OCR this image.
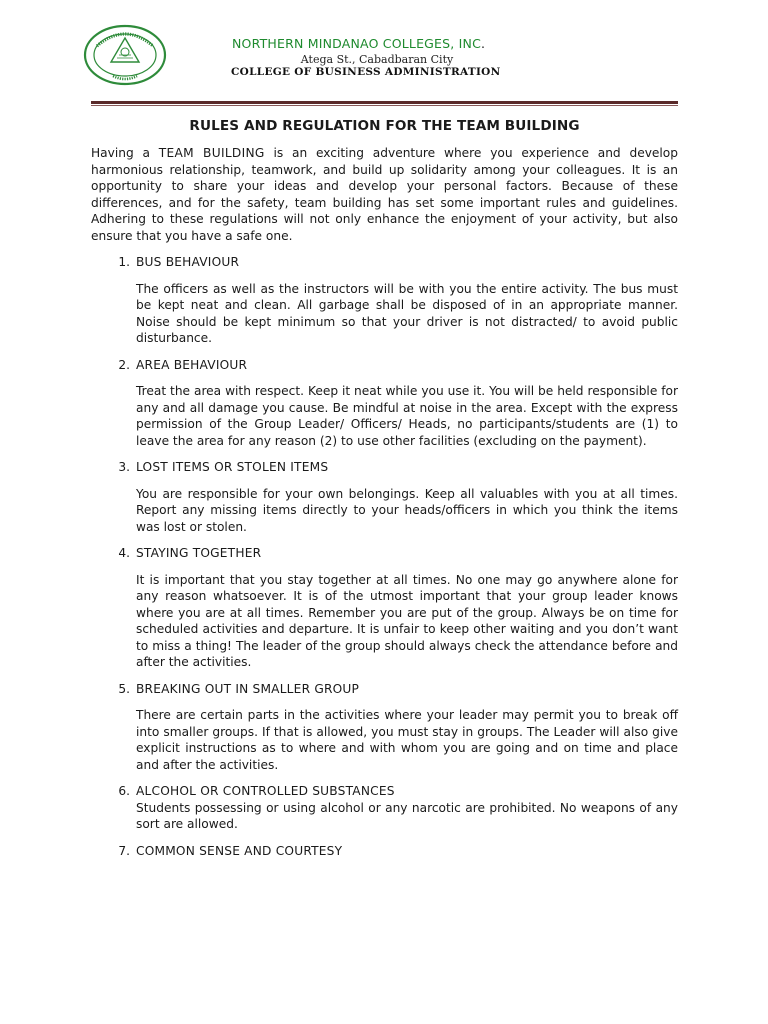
NORTHERN MINDANAO COLLEGES, INC.
Atega St., Cabadbaran City
COLLEGE OF BUSINESS ADMINISTRATION
RULES AND REGULATION FOR THE TEAM BUILDING

Having a TEAM BUILDING is an exciting adventure where you experience and develop harmonious relationship, teamwork, and build up solidarity among your colleagues. It is an opportunity to share your ideas and develop your personal factors. Because of these differences, and for the safety, team building has set some important rules and guidelines. Adhering to these regulations will not only enhance the enjoyment of your activity, but also ensure that you have a safe one.

1. BUS BEHAVIOUR

The officers as well as the instructors will be with you the entire activity. The bus must be kept neat and clean. All garbage shall be disposed of in an appropriate manner. Noise should be kept minimum so that your driver is not distracted/ to avoid public disturbance.

2. AREA BEHAVIOUR

Treat the area with respect. Keep it neat while you use it. You will be held responsible for any and all damage you cause. Be mindful at noise in the area. Except with the express permission of the Group Leader/ Officers/ Heads, no participants/students are (1) to leave the area for any reason (2) to use other facilities (excluding on the payment).

3. LOST ITEMS OR STOLEN ITEMS

You are responsible for your own belongings. Keep all valuables with you at all times. Report any missing items directly to your heads/officers in which you think the items was lost or stolen.

4. STAYING TOGETHER

It is important that you stay together at all times. No one may go anywhere alone for any reason whatsoever. It is of the utmost important that your group leader knows where you are at all times. Remember you are put of the group. Always be on time for scheduled activities and departure. It is unfair to keep other waiting and you don’t want to miss a thing! The leader of the group should always check the attendance before and after the activities.

5. BREAKING OUT IN SMALLER GROUP

There are certain parts in the activities where your leader may permit you to break off into smaller groups. If that is allowed, you must stay in groups. The Leader will also give explicit instructions as to where and with whom you are going and on time and place and after the activities.

6. ALCOHOL OR CONTROLLED SUBSTANCES

Students possessing or using alcohol or any narcotic are prohibited. No weapons of any sort are allowed.

7. COMMON SENSE AND COURTESY
